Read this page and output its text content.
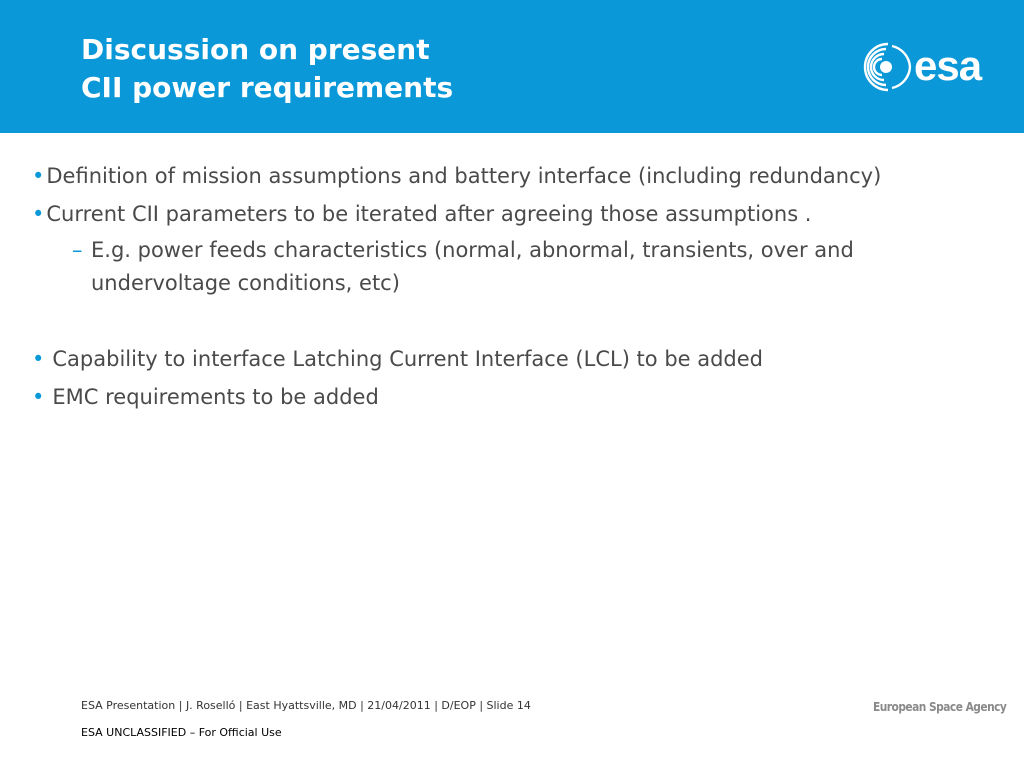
Discussion on present
CII power requirements	esa
• Definition of mission assumptions and battery interface (including redundancy)
• Current CII parameters to be iterated after agreeing those assumptions .
– E.g. power feeds characteristics (normal, abnormal, transients, over and
undervoltage conditions, etc)
• Capability to interface Latching Current Interface (LCL) to be added
• EMC requirements to be added
ESA Presentation | J. Roselló | East Hyattsville, MD | 21/04/2011 | D/EOP | Slide 14
ESA UNCLASSIFIED – For Official Use
European Space Agency
